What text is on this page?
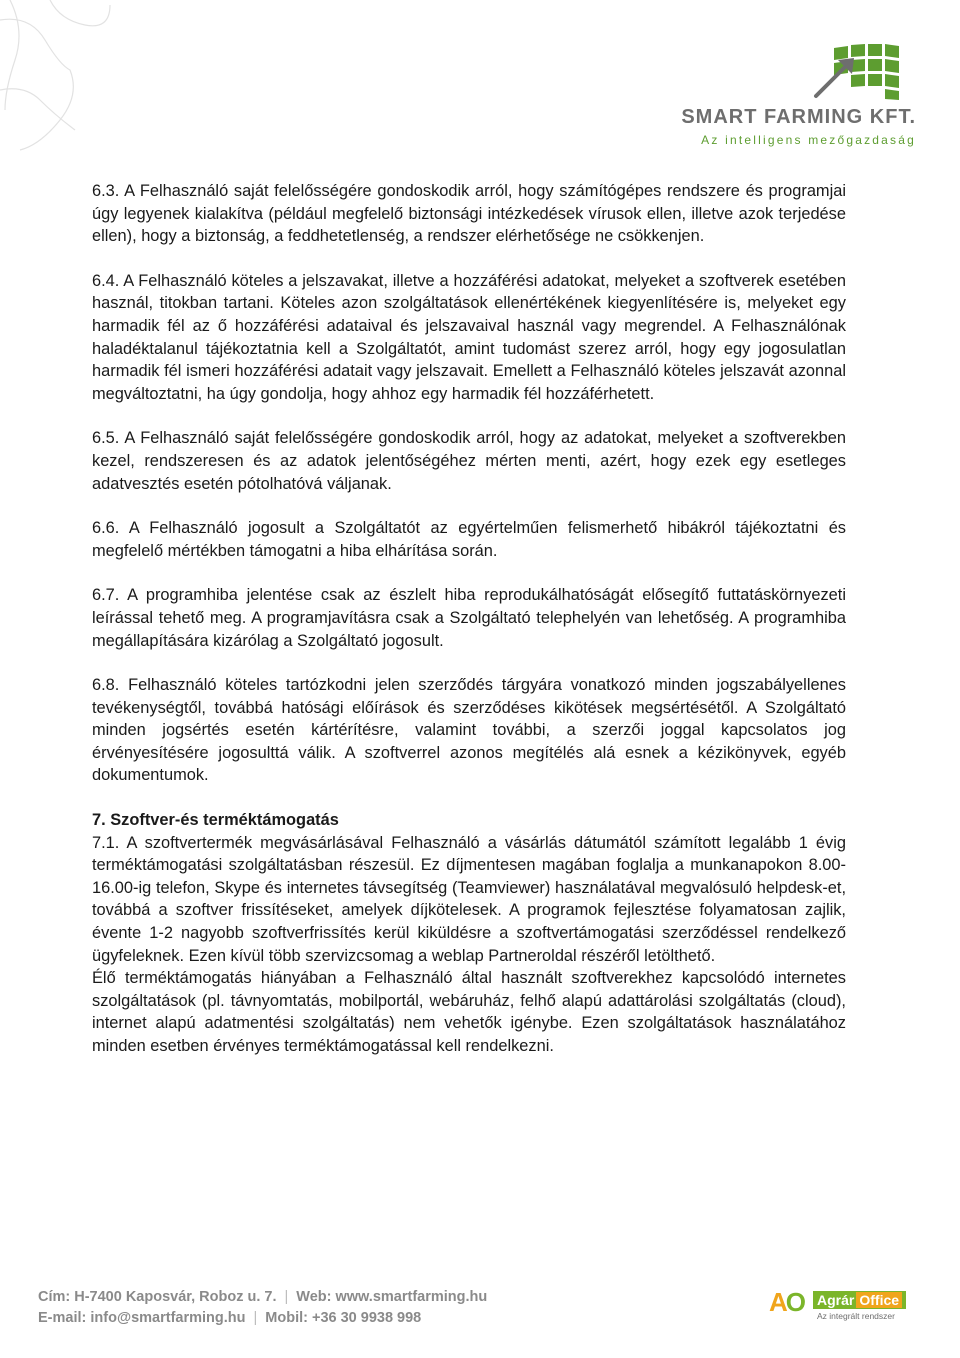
SMART FARMING KFT.
Az intelligens mezőgazdaság

6.3. A Felhasználó saját felelősségére gondoskodik arról, hogy számítógépes rendszere és programjai úgy legyenek kialakítva (például megfelelő biztonsági intézkedések vírusok ellen, illetve azok terjedése ellen), hogy a biztonság, a feddhetetlenség, a rendszer elérhetősége ne csökkenjen.

6.4. A Felhasználó köteles a jelszavakat, illetve a hozzáférési adatokat, melyeket a szoftverek esetében használ, titokban tartani. Köteles azon szolgáltatások ellenértékének kiegyenlítésére is, melyeket egy harmadik fél az ő hozzáférési adataival és jelszavaival használ vagy megrendel. A Felhasználónak haladéktalanul tájékoztatnia kell a Szolgáltatót, amint tudomást szerez arról, hogy egy jogosulatlan harmadik fél ismeri hozzáférési adatait vagy jelszavait. Emellett a Felhasználó köteles jelszavát azonnal megváltoztatni, ha úgy gondolja, hogy ahhoz egy harmadik fél hozzáférhetett.

6.5. A Felhasználó saját felelősségére gondoskodik arról, hogy az adatokat, melyeket a szoftverekben kezel, rendszeresen és az adatok jelentőségéhez mérten menti, azért, hogy ezek egy esetleges adatvesztés esetén pótolhatóvá váljanak.

6.6. A Felhasználó jogosult a Szolgáltatót az egyértelműen felismerhető hibákról tájékoztatni és megfelelő mértékben támogatni a hiba elhárítása során.

6.7. A programhiba jelentése csak az észlelt hiba reprodukálhatóságát elősegítő futtatáskörnyezeti leírással tehető meg. A programjavításra csak a Szolgáltató telephelyén van lehetőség. A programhiba megállapítására kizárólag a Szolgáltató jogosult.

6.8. Felhasználó köteles tartózkodni jelen szerződés tárgyára vonatkozó minden jogszabályellenes tevékenységtől, továbbá hatósági előírások és szerződéses kikötések megsértésétől. A Szolgáltató minden jogsértés esetén kártérítésre, valamint további, a szerzői joggal kapcsolatos jog érvényesítésére jogosulttá válik. A szoftverrel azonos megítélés alá esnek a kézikönyvek, egyéb dokumentumok.

7. Szoftver-és terméktámogatás

7.1. A szoftvertermék megvásárlásával Felhasználó a vásárlás dátumától számított legalább 1 évig terméktámogatási szolgáltatásban részesül. Ez díjmentesen magában foglalja a munkanapokon 8.00-16.00-ig telefon, Skype és internetes távsegítség (Teamviewer) használatával megvalósuló helpdesk-et, továbbá a szoftver frissítéseket, amelyek díjkötelesek. A programok fejlesztése folyamatosan zajlik, évente 1-2 nagyobb szoftverfrissítés kerül kiküldésre a szoftvertámogatási szerződéssel rendelkező ügyfeleknek. Ezen kívül több szervizcsomag a weblap Partneroldal részéről letölthető.

Élő terméktámogatás hiányában a Felhasználó által használt szoftverekhez kapcsolódó internetes szolgáltatások (pl. távnyomtatás, mobilportál, webáruház, felhő alapú adattárolási szolgáltatás (cloud), internet alapú adatmentési szolgáltatás) nem vehetők igénybe. Ezen szolgáltatások használatához minden esetben érvényes terméktámogatással kell rendelkezni.

Cím: H-7400 Kaposvár, Roboz u. 7. | Web: www.smartfarming.hu
E-mail: info@smartfarming.hu | Mobil: +36 30 9938 998
AO Agrár Office
Az integrált rendszer
